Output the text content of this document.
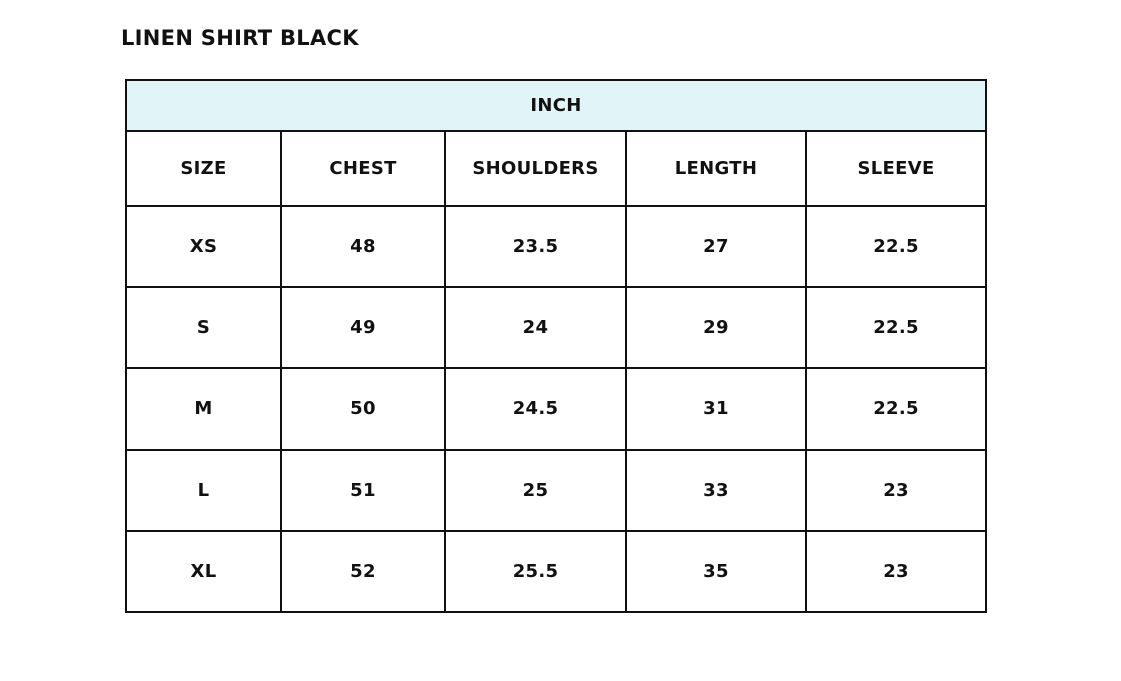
LINEN SHIRT BLACK
INCH				
SIZE	CHEST	SHOULDERS	LENGTH	SLEEVE
XS	48	23.5	27	22.5
S	49	24	29	22.5
M	50	24.5	31	22.5
L	51	25	33	23
XL	52	25.5	35	23
